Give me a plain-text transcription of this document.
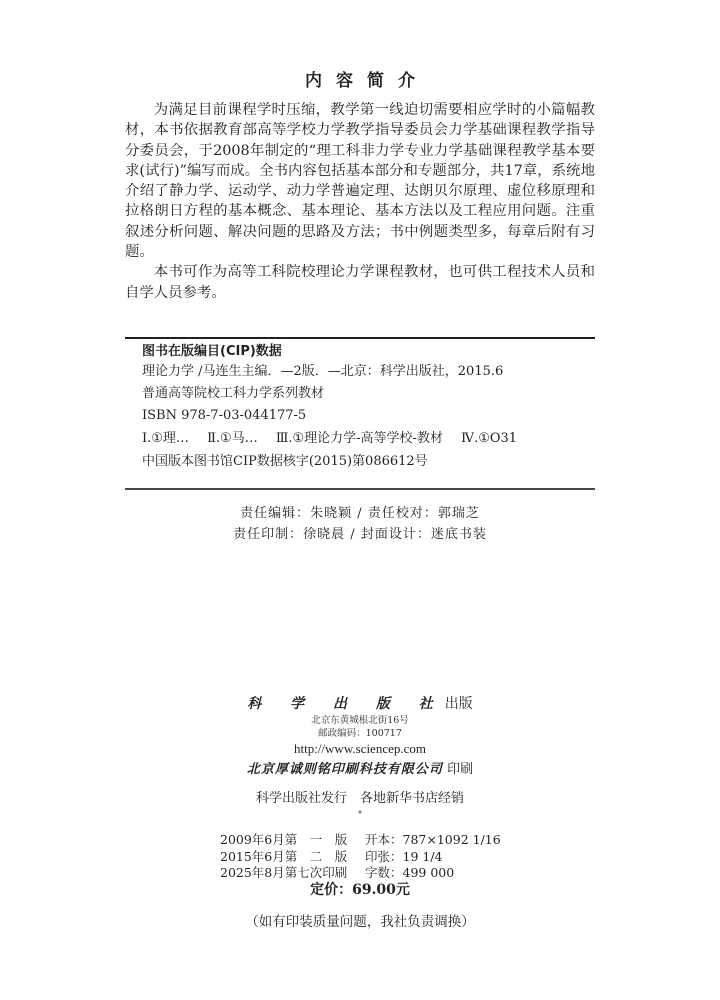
内容简介

为满足目前课程学时压缩，教学第一线迫切需要相应学时的小篇幅教材，本书依据教育部高等学校力学教学指导委员会力学基础课程教学指导分委员会，于2008年制定的“理工科非力学专业力学基础课程教学基本要求(试行)”编写而成。全书内容包括基本部分和专题部分，共17章，系统地介绍了静力学、运动学、动力学普遍定理、达朗贝尔原理、虚位移原理和拉格朗日方程的基本概念、基本理论、基本方法以及工程应用问题。注重叙述分析问题、解决问题的思路及方法；书中例题类型多，每章后附有习题。

本书可作为高等工科院校理论力学课程教材，也可供工程技术人员和自学人员参考。

图书在版编目(CIP)数据
理论力学 /马连生主编．—2版．—北京：科学出版社，2015.6
普通高等院校工科力学系列教材
ISBN 978-7-03-044177-5
Ⅰ.①理… Ⅱ.①马… Ⅲ.①理论力学-高等学校-教材 Ⅳ.①O31
中国版本图书馆CIP数据核字(2015)第086612号
责任编辑：朱晓颖 / 责任校对：郭瑞芝
责任印制：徐晓晨 / 封面设计：迷底书装
科 学 出 版 社出版
北京东黄城根北街16号
邮政编码：100717
http://www.sciencep.com
北京厚诚则铭印刷科技有限公司 印刷
科学出版社发行　各地新华书店经销
*
2009年6月第　一　版	开本：787×1092 1/16
2015年6月第　二　版	印张：19 1/4
2025年8月第七次印刷	字数：499 000
定价：69.00元
（如有印装质量问题，我社负责调换）
